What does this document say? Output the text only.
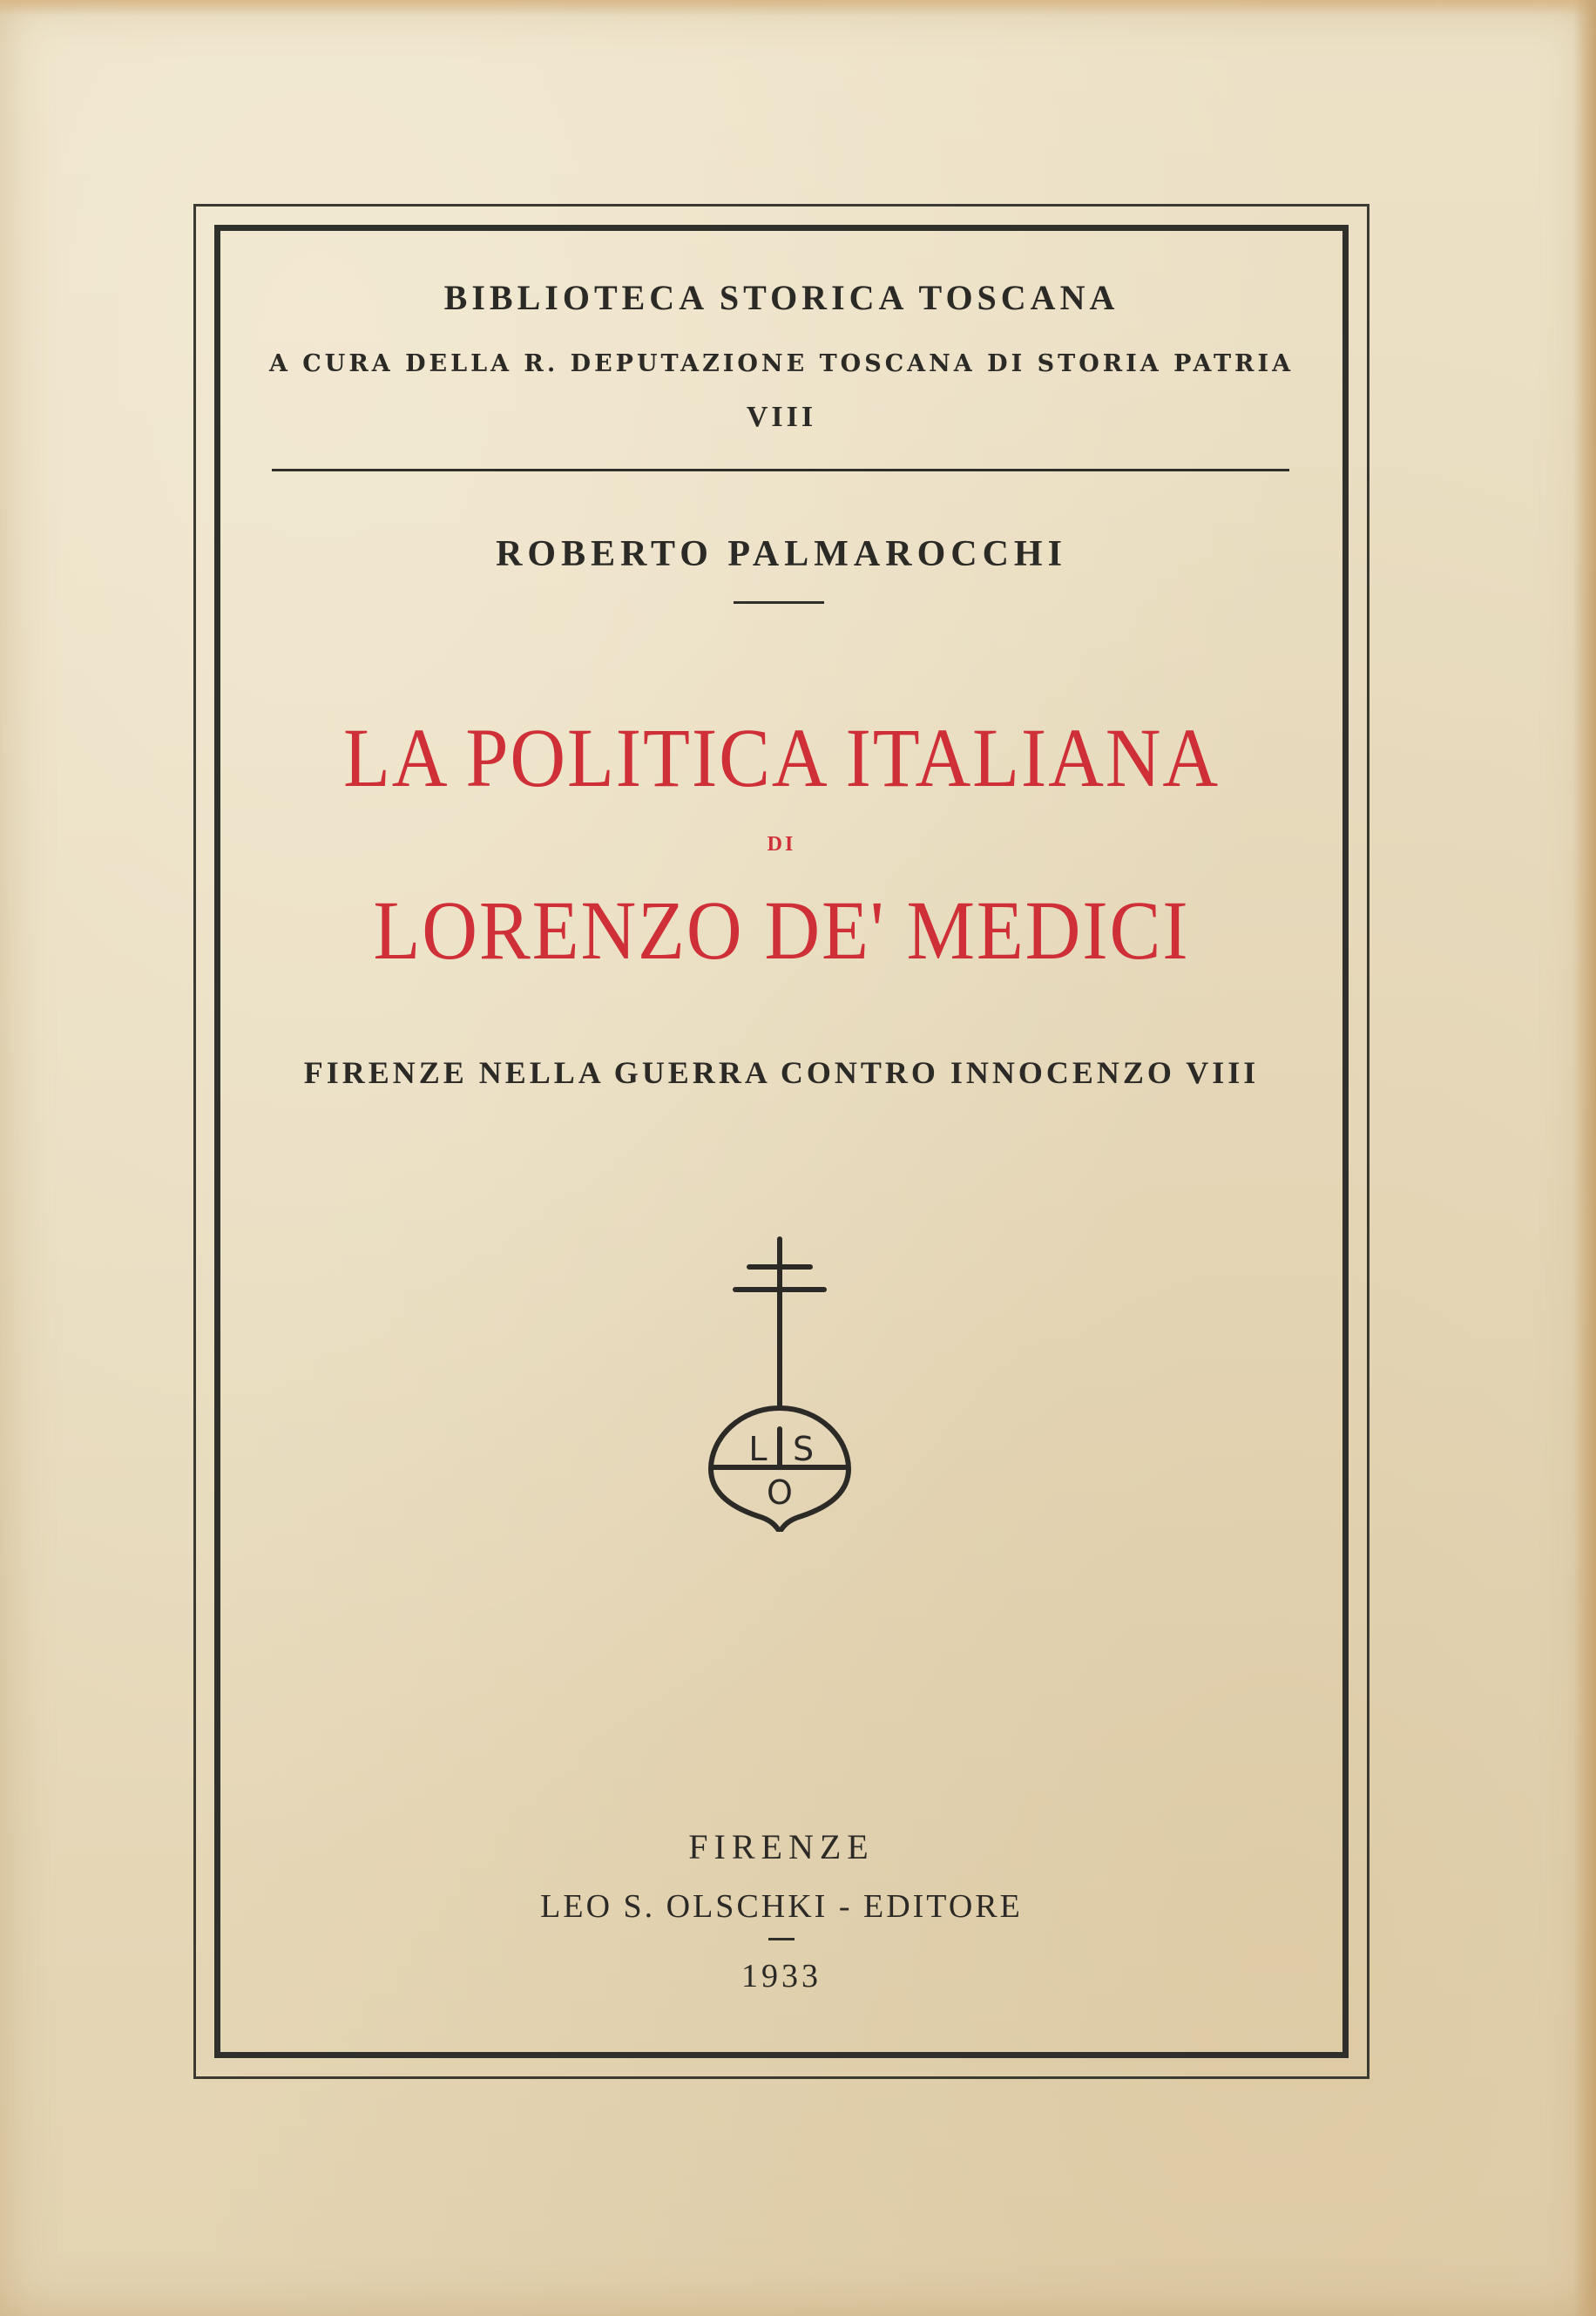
BIBLIOTECA STORICA TOSCANA
A CURA DELLA R. DEPUTAZIONE TOSCANA DI STORIA PATRIA
VIII
ROBERTO PALMAROCCHI
LA POLITICA ITALIANA
DI
LORENZO DE' MEDICI
FIRENZE NELLA GUERRA CONTRO INNOCENZO VIII
L S
O
FIRENZE
LEO S. OLSCHKI - EDITORE
1933
